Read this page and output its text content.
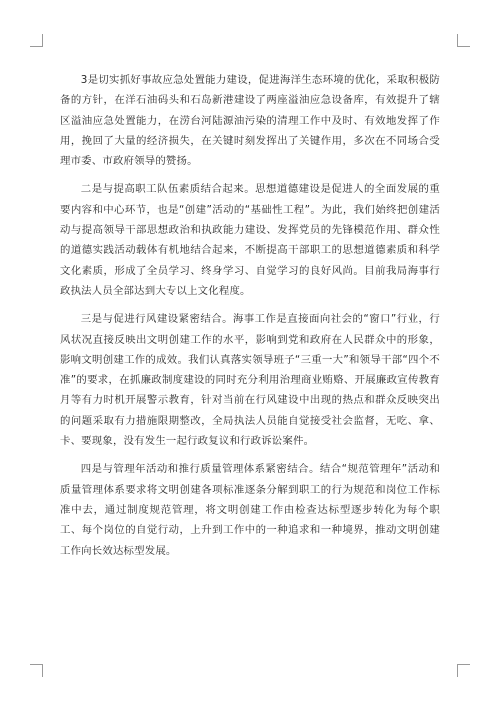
3是切实抓好事故应急处置能力建设，促进海洋生态环境的优化，采取积极防备的方针，在洋石油码头和石岛新港建设了两座溢油应急设备库，有效提升了辖区溢油应急处置能力，在涝台河陆源油污染的清理工作中及时、有效地发挥了作用，挽回了大量的经济损失，在关键时刻发挥出了关键作用，多次在不同场合受理市委、市政府领导的赞扬。

二是与提高职工队伍素质结合起来。思想道德建设是促进人的全面发展的重要内容和中心环节，也是“创建”活动的“基础性工程”。为此，我们始终把创建活动与提高领导干部思想政治和执政能力建设、发挥党员的先锋模范作用、群众性的道德实践活动载体有机地结合起来，不断提高干部职工的思想道德素质和科学文化素质，形成了全员学习、终身学习、自觉学习的良好风尚。目前我局海事行政执法人员全部达到大专以上文化程度。

三是与促进行风建设紧密结合。海事工作是直接面向社会的“窗口”行业，行风状况直接反映出文明创建工作的水平，影响到党和政府在人民群众中的形象，影响文明创建工作的成效。我们认真落实领导班子“三重一大”和领导干部“四个不准”的要求，在抓廉政制度建设的同时充分利用治理商业贿赂、开展廉政宣传教育月等有力时机开展警示教育，针对当前在行风建设中出现的热点和群众反映突出的问题采取有力措施限期整改，全局执法人员能自觉接受社会监督，无吃、拿、卡、要现象，没有发生一起行政复议和行政诉讼案件。

四是与管理年活动和推行质量管理体系紧密结合。结合“规范管理年”活动和质量管理体系要求将文明创建各项标准逐条分解到职工的行为规范和岗位工作标准中去，通过制度规范管理，将文明创建工作由检查达标型逐步转化为每个职工、每个岗位的自觉行动，上升到工作中的一种追求和一种境界，推动文明创建工作向长效达标型发展。
